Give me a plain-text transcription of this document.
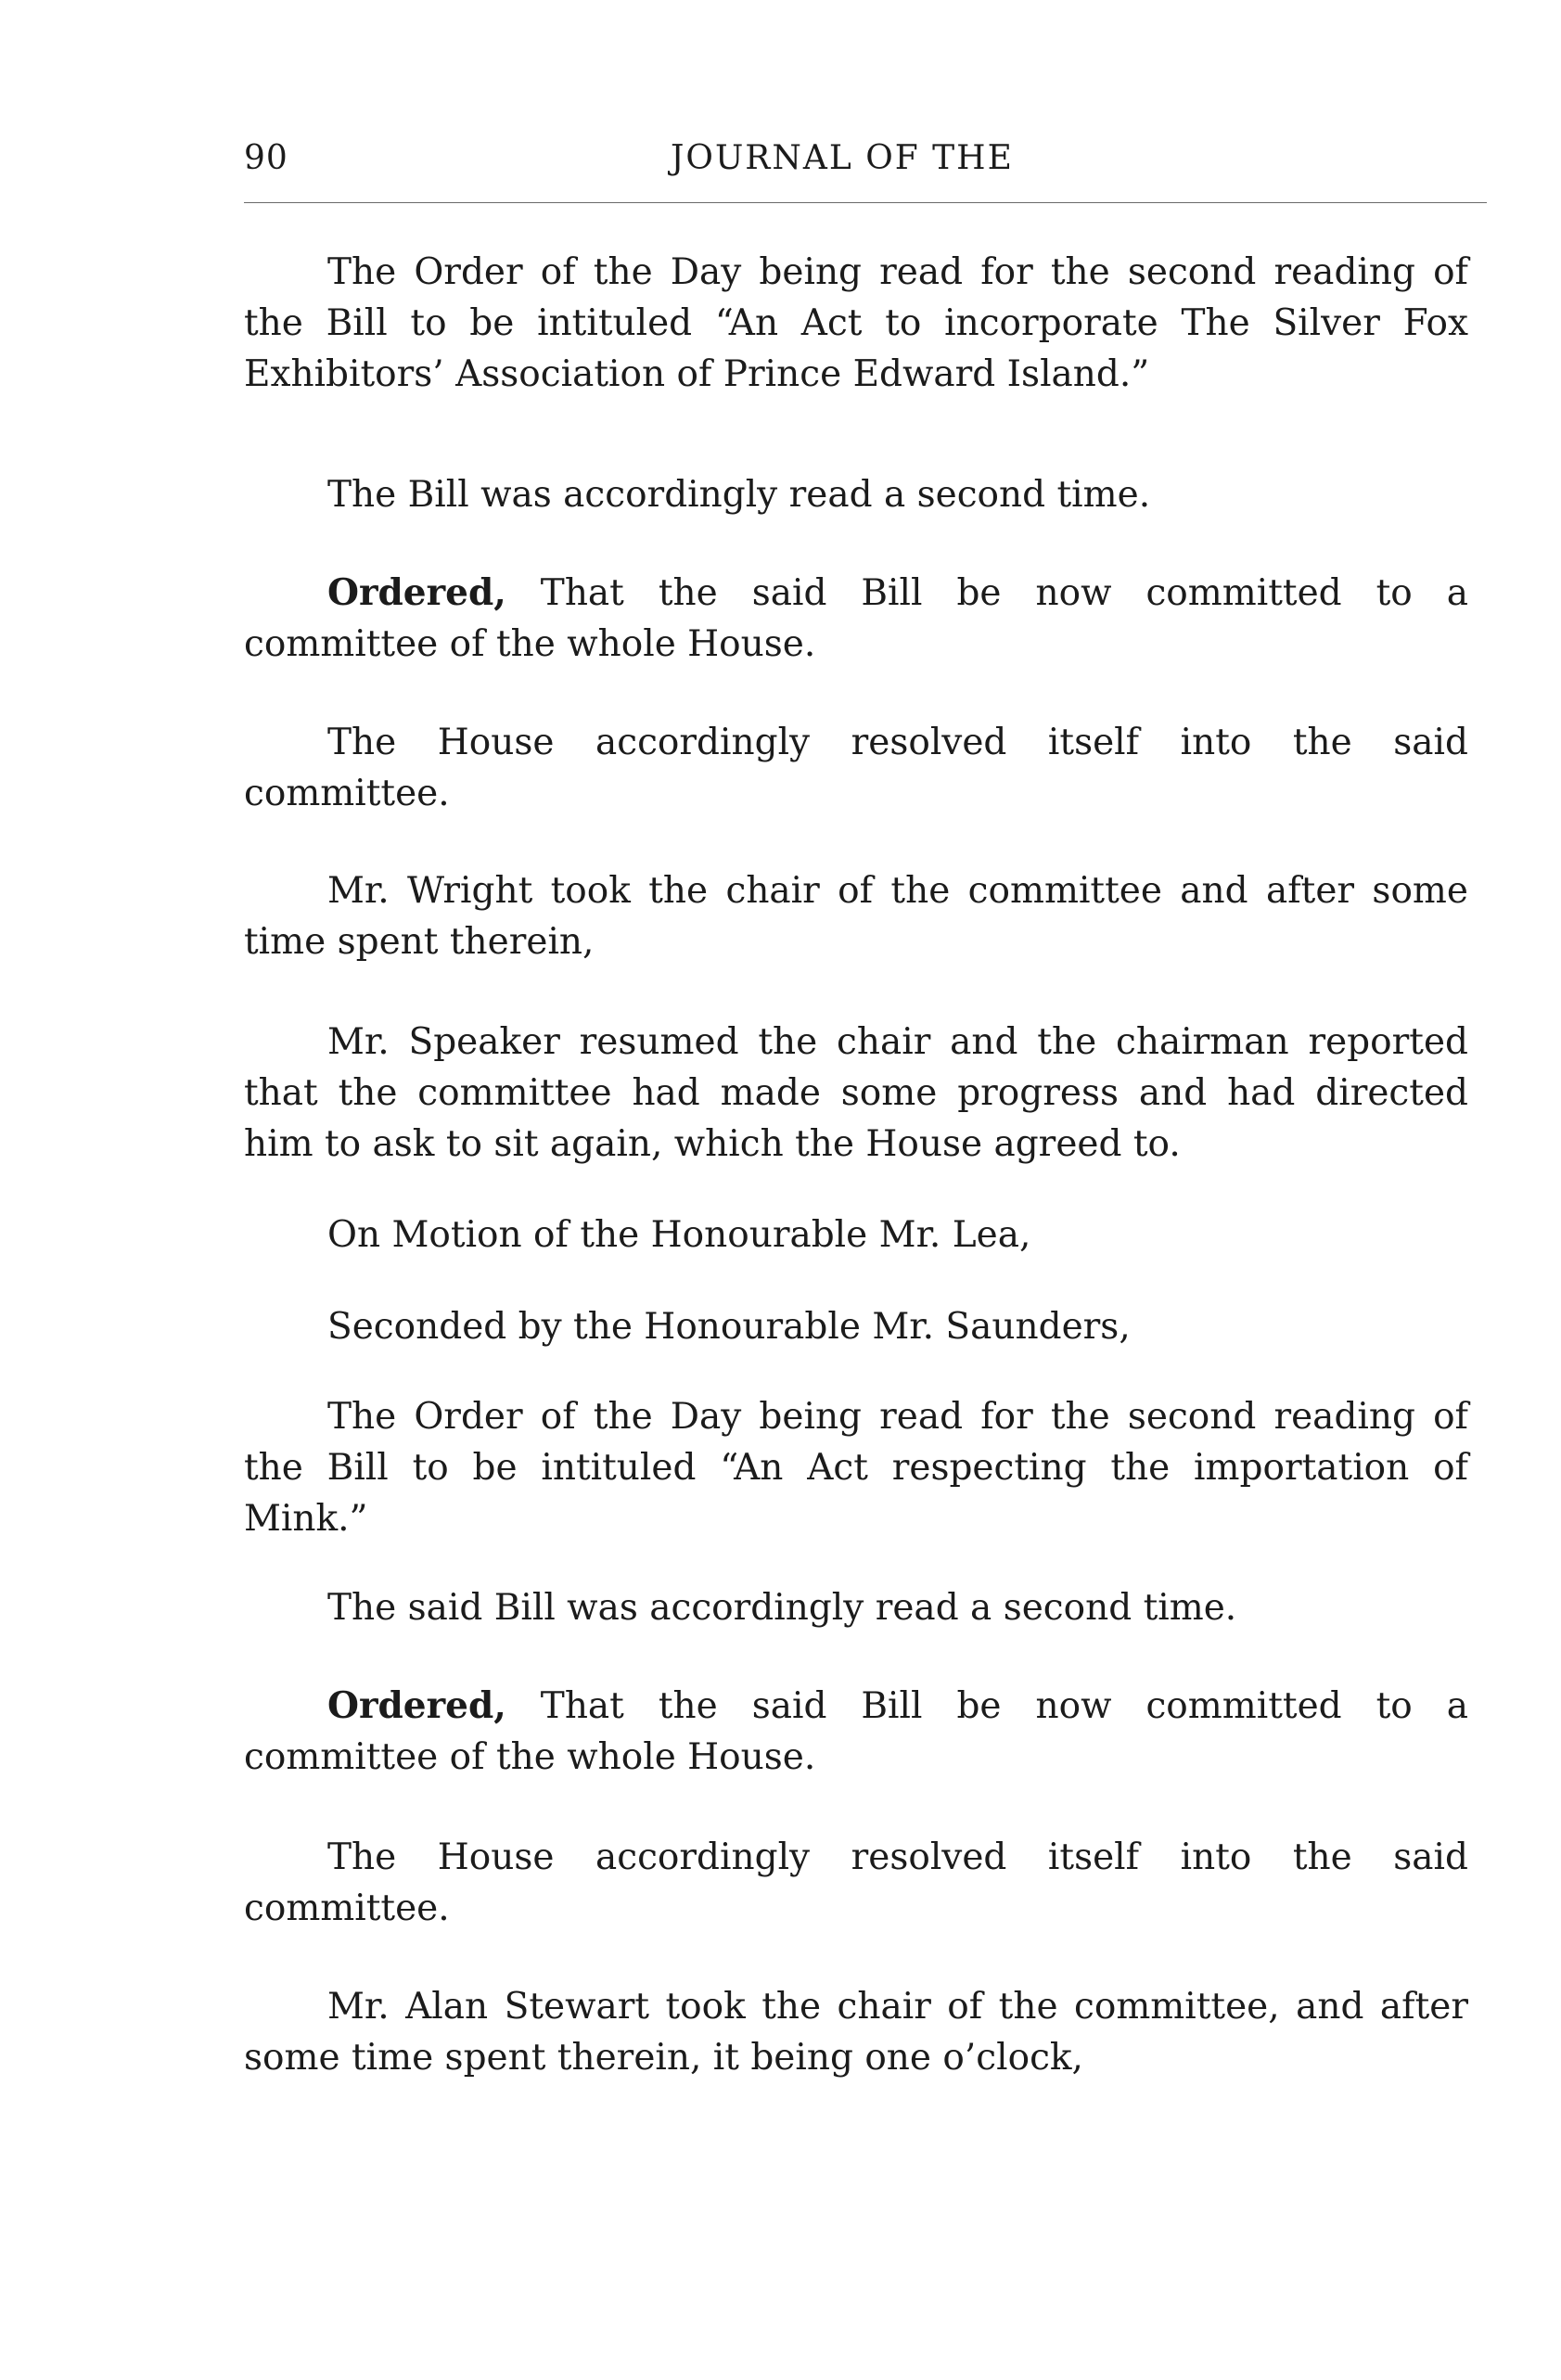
90	JOURNAL OF THE

The Order of the Day being read for the second reading of the Bill to be intituled “An Act to incorporate The Silver Fox Exhibitors’ Association of Prince Edward Island.”

The Bill was accordingly read a second time.

Ordered, That the said Bill be now committed to a committee of the whole House.

The House accordingly resolved itself into the said committee.

Mr. Wright took the chair of the committee and after some time spent therein,

Mr. Speaker resumed the chair and the chairman reported that the committee had made some progress and had directed him to ask to sit again, which the House agreed to.

On Motion of the Honourable Mr. Lea,

Seconded by the Honourable Mr. Saunders,

The Order of the Day being read for the second reading of the Bill to be intituled “An Act respecting the importation of Mink.”

The said Bill was accordingly read a second time.

Ordered, That the said Bill be now committed to a committee of the whole House.

The House accordingly resolved itself into the said committee.

Mr. Alan Stewart took the chair of the committee, and after some time spent therein, it being one o’clock,
